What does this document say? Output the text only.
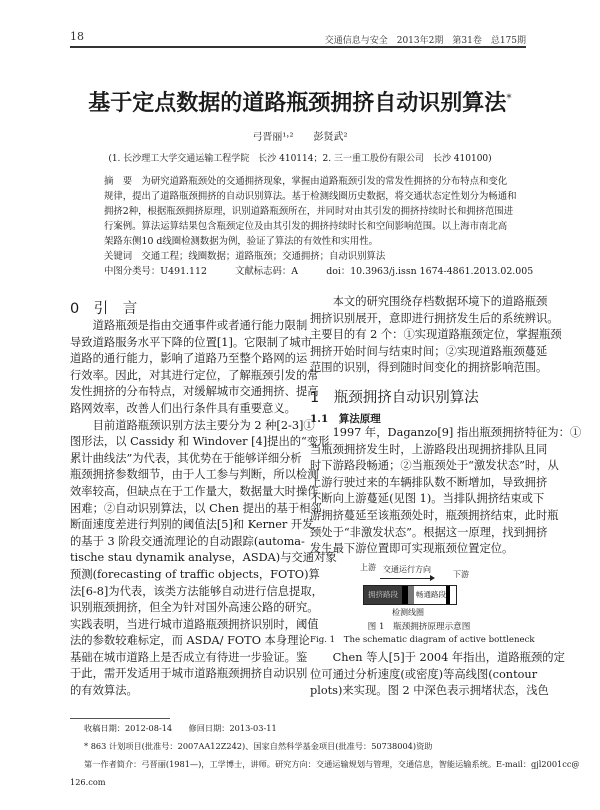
18	交通信息与安全　2013年2期　第31卷　总175期
基于定点数据的道路瓶颈拥挤自动识别算法*
弓晋丽¹˒²　　彭贤武²
(1. 长沙理工大学交通运输工程学院　长沙 410114；2. 三一重工股份有限公司　长沙 410100)
摘　要　为研究道路瓶颈处的交通拥挤现象，掌握由道路瓶颈引发的常发性拥挤的分布特点和变化
规律，提出了道路瓶颈拥挤的自动识别算法。基于检测线圈历史数据，将交通状态定性划分为畅通和
拥挤2种，根据瓶颈拥挤原理，识别道路瓶颈所在，并同时对由其引发的拥挤持续时长和拥挤范围进
行案例。算法运算结果包含瓶颈定位及由其引发的拥挤持续时长和空间影响范围。以上海市南北高
架路东侧10 d线圈检测数据为例，验证了算法的有效性和实用性。
关键词　交通工程；线圈数据；道路瓶颈；交通拥挤；自动识别算法
中图分类号：U491.112　　　文献标志码：A　　　doi：10.3963/j.issn 1674-4861.2013.02.005
0　引　言
　　道路瓶颈是指由交通事件或者通行能力限制
导致道路服务水平下降的位置[1]。它限制了城市
道路的通行能力，影响了道路乃至整个路网的运
行效率。因此，对其进行定位，了解瓶颈引发的常
发性拥挤的分布特点，对缓解城市交通拥挤、提高
路网效率，改善人们出行条件具有重要意义。
　　目前道路瓶颈识别方法主要分为 2 种[2-3]①
图形法，以 Cassidy 和 Windover [4]提出的“变形
累计曲线法”为代表，其优势在于能够详细分析
瓶颈拥挤参数细节，由于人工参与判断，所以检测
效率较高，但缺点在于工作量大，数据量大时操作
困难；②自动识别算法，以 Chen 提出的基于相邻
断面速度差进行判别的阈值法[5]和 Kerner 开发
的基于 3 阶段交通流理论的自动跟踪(automa-
tische stau dynamik analyse，ASDA)与交通对象
预测(forecasting of traffic objects，FOTO)算
法[6-8]为代表，该类方法能够自动进行信息提取，
识别瓶颈拥挤，但全为针对国外高速公路的研究。
实践表明，当进行城市道路瓶颈拥挤识别时，阈值
法的参数较难标定，而 ASDA/ FOTO 本身理论
基础在城市道路上是否成立有待进一步验证。鉴
于此，需开发适用于城市道路瓶颈拥挤自动识别
的有效算法。
　　本文的研究围绕存档数据环境下的道路瓶颈
拥挤识别展开，意即进行拥挤发生后的系统辨识。
主要目的有 2 个：①实现道路瓶颈定位，掌握瓶颈
拥挤开始时间与结束时间；②实现道路瓶颈蔓延
范围的识别，得到随时间变化的拥挤影响范围。
1　瓶颈拥挤自动识别算法
1.1　算法原理
　　1997 年，Daganzo[9] 指出瓶颈拥挤特征为：①
当瓶颈拥挤发生时，上游路段出现拥挤排队且同
时下游路段畅通；②当瓶颈处于“激发状态”时，从
上游行驶过来的车辆排队数不断增加，导致拥挤
不断向上游蔓延(见图 1)。当排队拥挤结束或下
游拥挤蔓延至该瓶颈处时，瓶颈拥挤结束，此时瓶
颈处于“非激发状态”。根据这一原理，找到拥挤
发生最下游位置即可实现瓶颈位置定位。
上游 交通运行方向
下游
拥挤路段	畅通路段
检测线圈
图 1　瓶颈拥挤原理示意图
Fig. 1　The schematic diagram of active bottleneck
　　Chen 等人[5]于 2004 年指出，道路瓶颈的定
位可通过分析速度(或密度)等高线图(contour
plots)来实现。图 2 中深色表示拥堵状态，浅色
收稿日期：2012-08-14　　修回日期：2013-03-11
* 863 计划项目(批准号：2007AA12Z242)、国家自然科学基金项目(批准号：50738004)资助
第一作者简介：弓晋丽(1981—)，工学博士，讲师。研究方向：交通运输规划与管理，交通信息，智能运输系统。E-mail：gjl2001cc@
126.com
